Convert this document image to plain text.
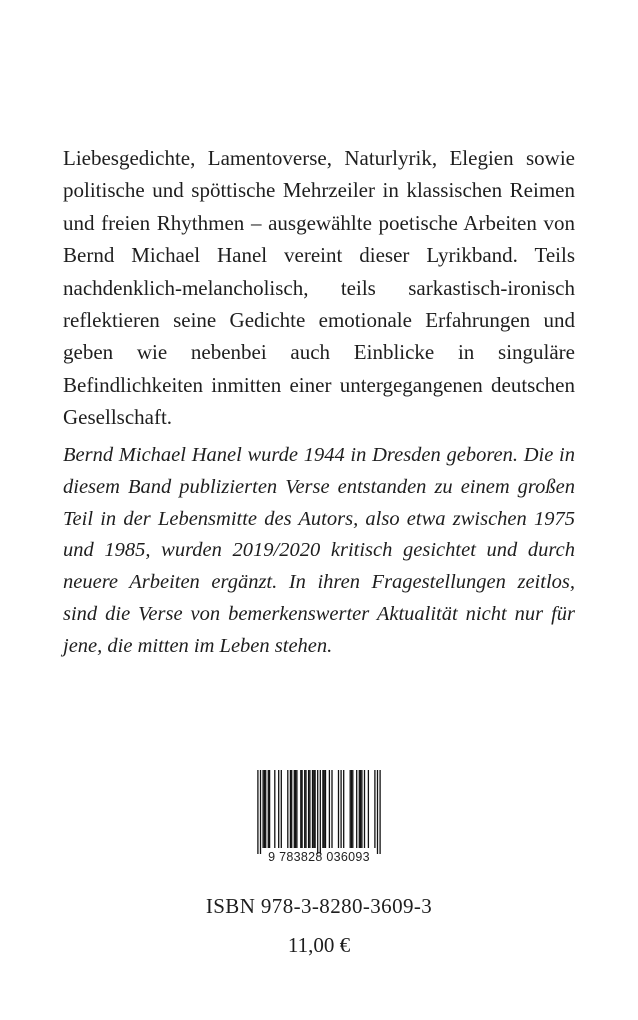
Liebesgedichte, Lamentoverse, Naturlyrik, Elegien sowie politische und spöttische Mehrzeiler in klassischen Reimen und freien Rhythmen – ausgewählte poetische Arbeiten von Bernd Michael Hanel vereint dieser Lyrikband. Teils nachdenklich-melancholisch, teils sarkastisch-ironisch reflektieren seine Gedichte emotionale Erfahrungen und geben wie nebenbei auch Einblicke in singuläre Befindlichkeiten inmitten einer untergegangenen deutschen Gesellschaft.

Bernd Michael Hanel wurde 1944 in Dresden geboren. Die in diesem Band publizierten Verse entstanden zu einem großen Teil in der Lebensmitte des Autors, also etwa zwischen 1975 und 1985, wurden 2019/2020 kritisch gesichtet und durch neuere Arbeiten ergänzt. In ihren Fragestellungen zeitlos, sind die Verse von bemerkenswerter Aktualität nicht nur für jene, die mitten im Leben stehen.

9 783828 036093
ISBN 978-3-8280-3609-3
11,00 €
